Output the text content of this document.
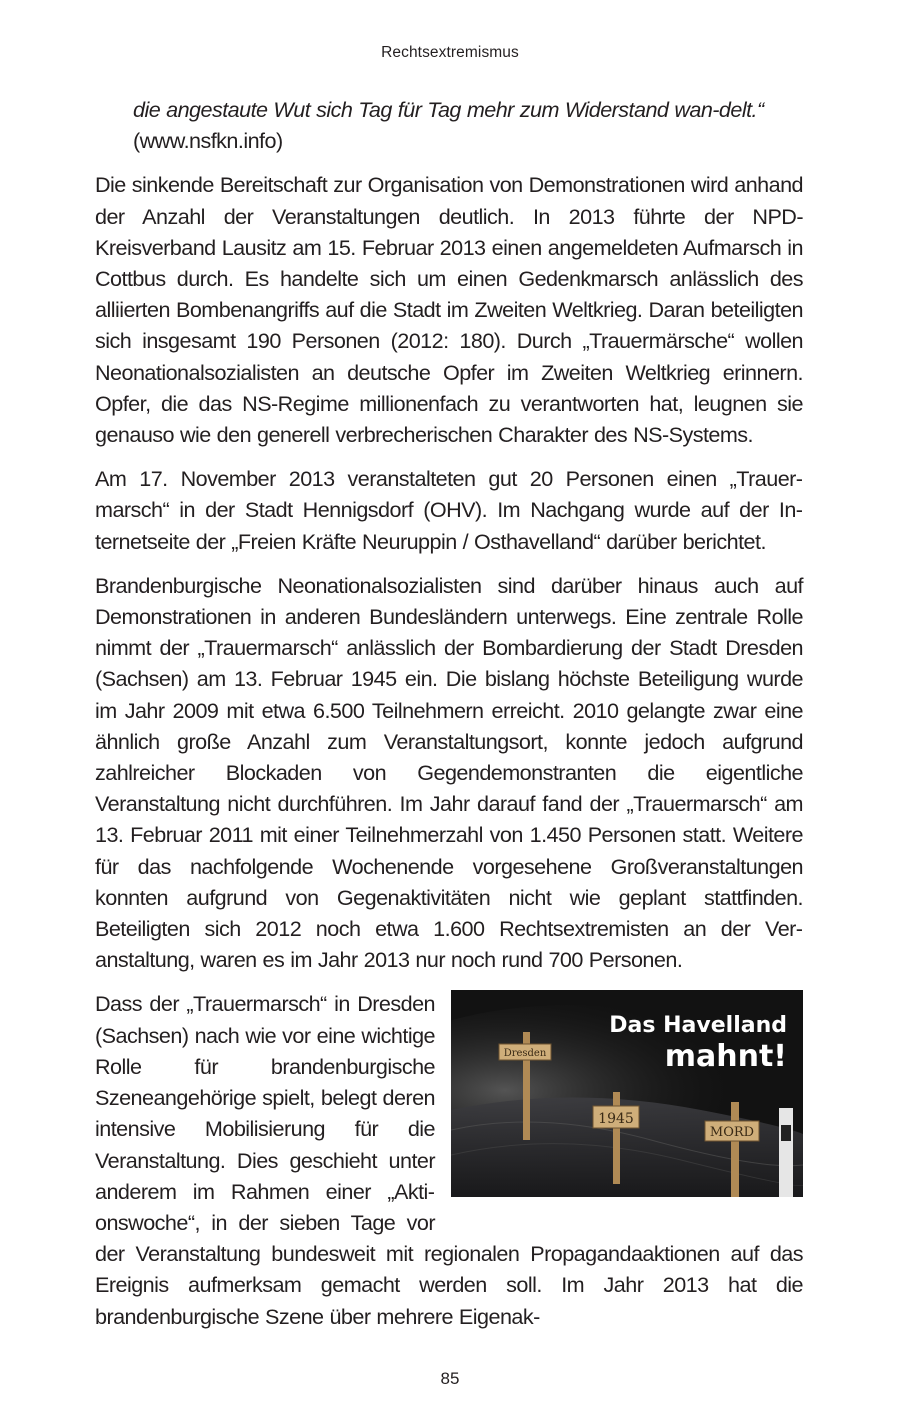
Rechtsextremismus

die angestaute Wut sich Tag für Tag mehr zum Widerstand wan-delt.“ (www.nsfkn.info)

Die sinkende Bereitschaft zur Organisation von Demonstrationen wird anhand der Anzahl der Veranstaltungen deutlich. In 2013 führte der NPD-Kreisverband Lausitz am 15. Februar 2013 einen angemeldeten Aufmarsch in Cottbus durch. Es handelte sich um einen Gedenkmarsch anlässlich des alliierten Bombenangriffs auf die Stadt im Zweiten Weltkrieg. Daran beteiligten sich insgesamt 190 Personen (2012: 180). Durch „Trauermärsche“ wollen Neonationalsozialisten an deutsche Opfer im Zweiten Weltkrieg erinnern. Opfer, die das NS-Regime millionenfach zu verantworten hat, leugnen sie genauso wie den generell verbrecherischen Charakter des NS-Systems.

Am 17. November 2013 veranstalteten gut 20 Personen einen „Trauermarsch“ in der Stadt Hennigsdorf (OHV). Im Nachgang wurde auf der Internetseite der „Freien Kräfte Neuruppin / Osthavelland“ darüber berichtet.

Brandenburgische Neonationalsozialisten sind darüber hinaus auch auf Demonstrationen in anderen Bundesländern unterwegs. Eine zentrale Rolle nimmt der „Trauermarsch“ anlässlich der Bombardierung der Stadt Dresden (Sachsen) am 13. Februar 1945 ein. Die bislang höchste Beteiligung wurde im Jahr 2009 mit etwa 6.500 Teilnehmern erreicht. 2010 gelangte zwar eine ähnlich große Anzahl zum Veranstaltungsort, konnte jedoch aufgrund zahlreicher Blockaden von Gegendemonstranten die eigentliche Veranstaltung nicht durchführen. Im Jahr darauf fand der „Trauermarsch“ am 13. Februar 2011 mit einer Teilnehmerzahl von 1.450 Personen statt. Weitere für das nachfolgende Wochenende vorgesehene Großveranstaltungen konnten aufgrund von Gegenaktivitäten nicht wie geplant stattfinden. Beteiligten sich 2012 noch etwa 1.600 Rechtsextremisten an der Veranstaltung, waren es im Jahr 2013 nur noch rund 700 Personen.

Dresden
1945
MORD
Das Havelland
mahnt!

Dass der „Trauermarsch“ in Dresden (Sachsen) nach wie vor eine wichtige Rolle für brandenburgische Szeneangehörige spielt, belegt deren intensive Mobilisierung für die Veranstaltung. Dies geschieht unter anderem im Rahmen einer „Aktionswoche“, in der sieben Tage vor der Veranstaltung bundesweit mit regionalen Propagandaaktionen auf das Ereignis aufmerksam gemacht werden soll. Im Jahr 2013 hat die brandenburgische Szene über mehrere Eigenak-

85
